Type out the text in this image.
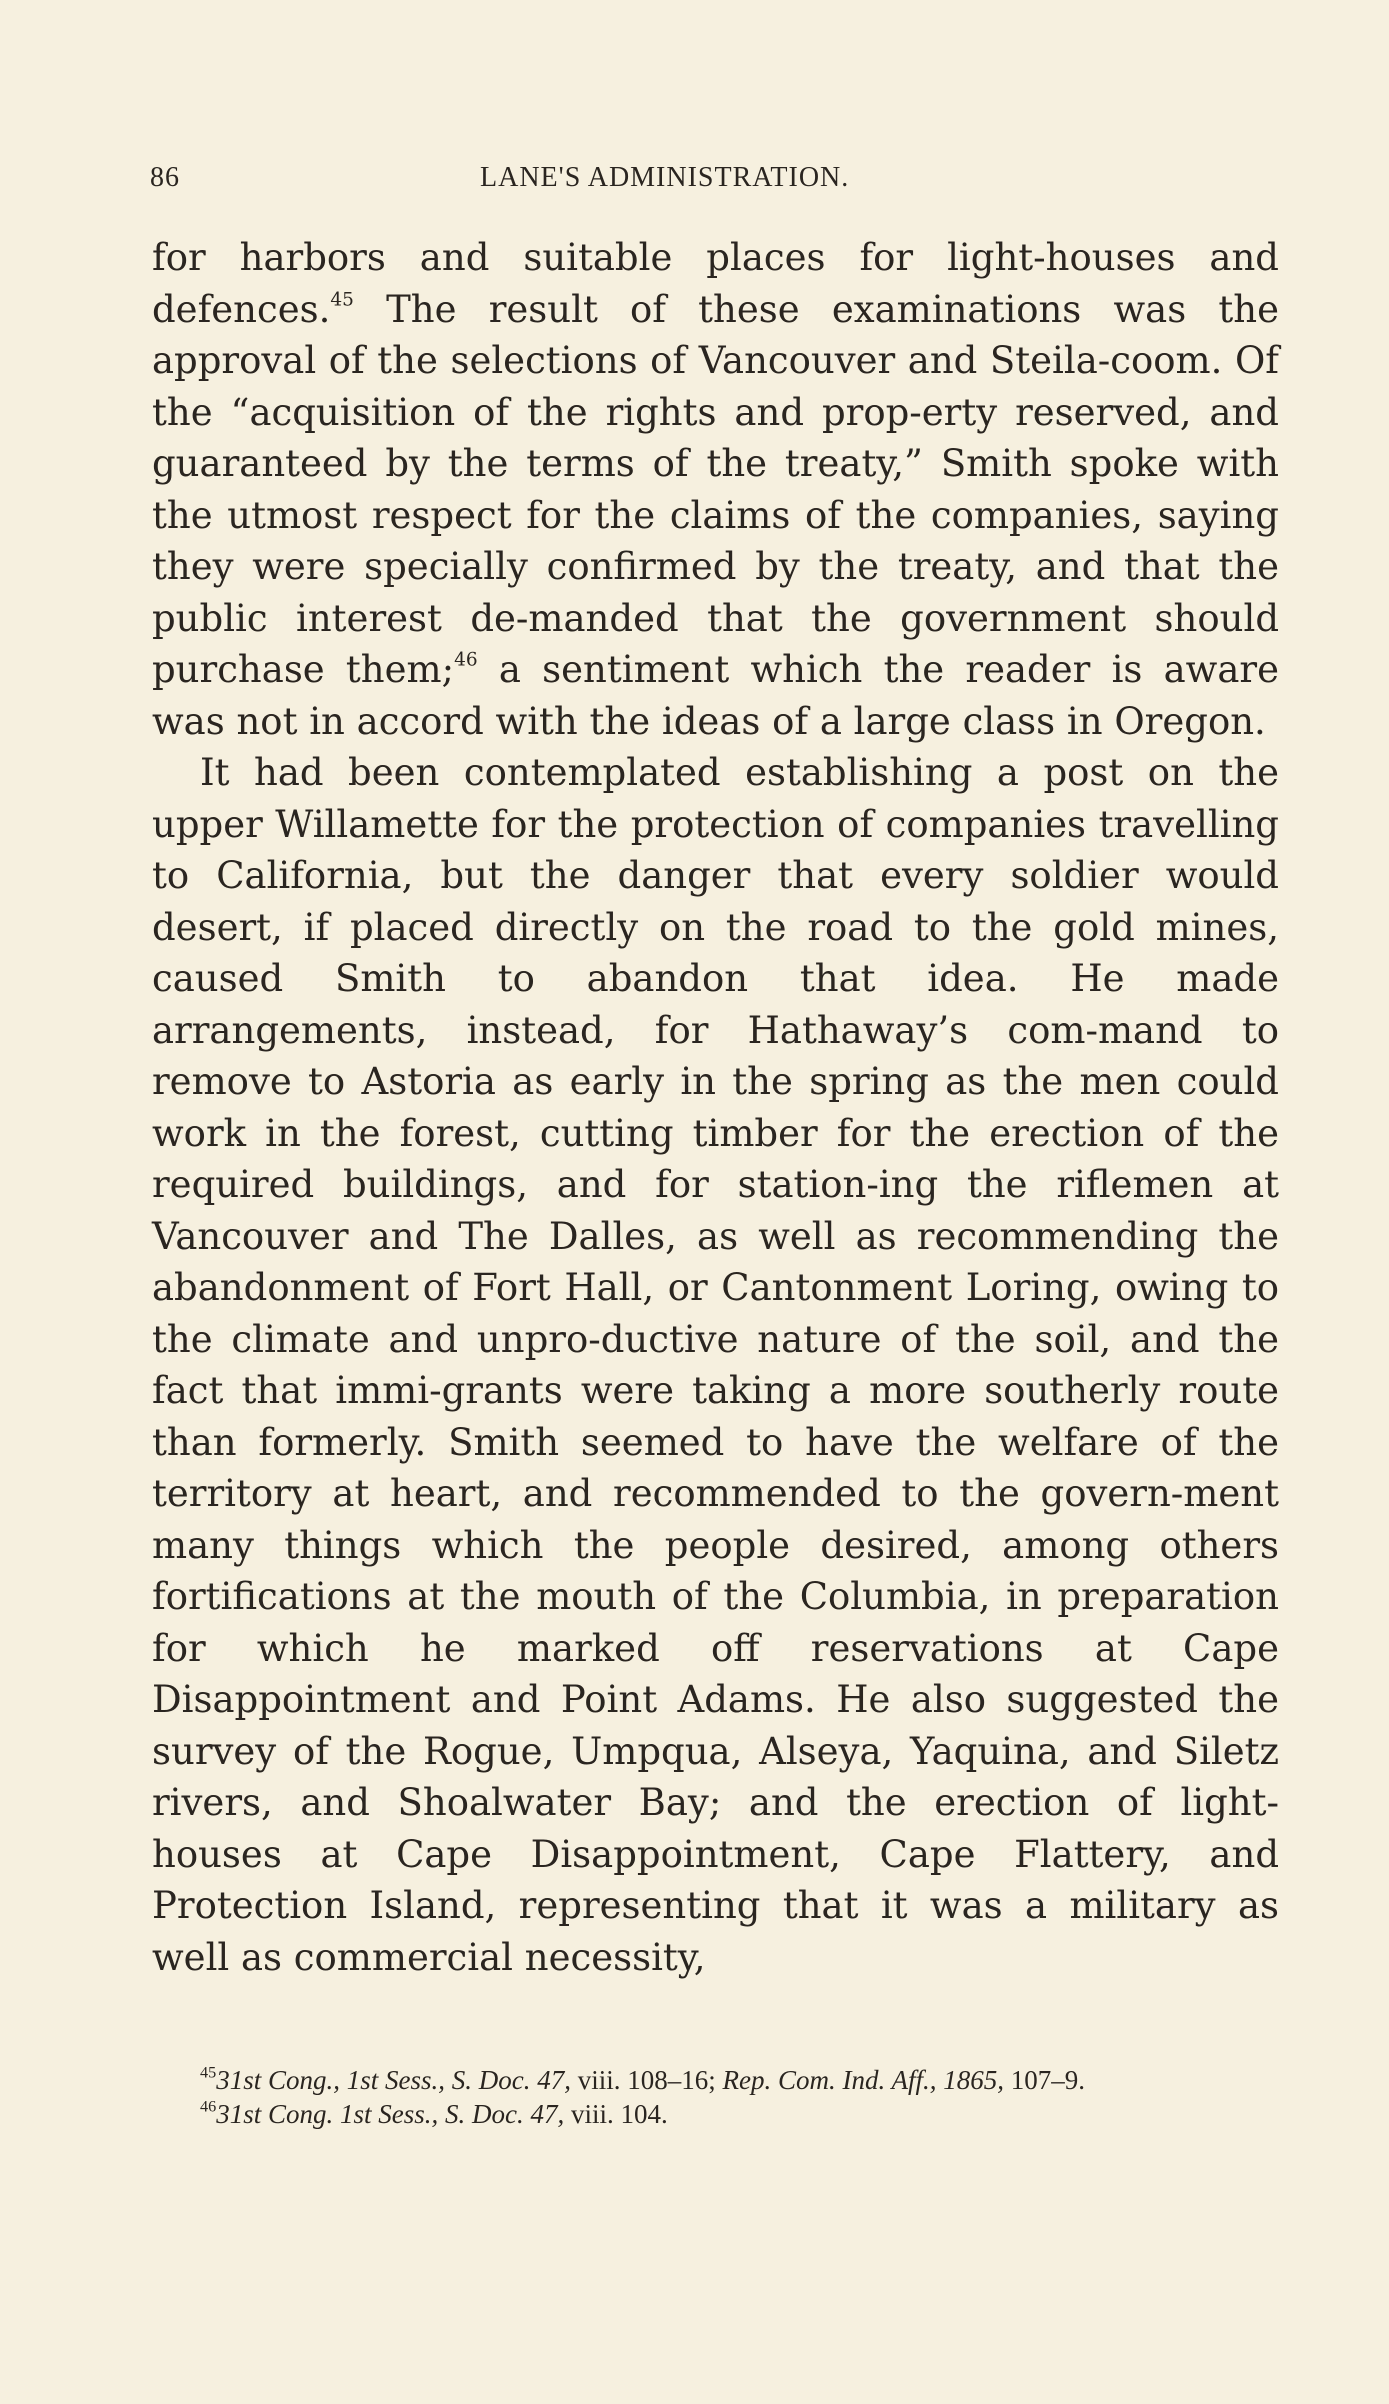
86	LANE'S ADMINISTRATION.

for harbors and suitable places for light-houses and defences.$^{45}$ The result of these examinations was the approval of the selections of Vancouver and Steila-coom. Of the “acquisition of the rights and prop-erty reserved, and guaranteed by the terms of the treaty,” Smith spoke with the utmost respect for the claims of the companies, saying they were specially confirmed by the treaty, and that the public interest de-manded that the government should purchase them;$^{46}$ a sentiment which the reader is aware was not in accord with the ideas of a large class in Oregon.

It had been contemplated establishing a post on the upper Willamette for the protection of companies travelling to California, but the danger that every soldier would desert, if placed directly on the road to the gold mines, caused Smith to abandon that idea. He made arrangements, instead, for Hathaway’s com-mand to remove to Astoria as early in the spring as the men could work in the forest, cutting timber for the erection of the required buildings, and for station-ing the riflemen at Vancouver and The Dalles, as well as recommending the abandonment of Fort Hall, or Cantonment Loring, owing to the climate and unpro-ductive nature of the soil, and the fact that immi-grants were taking a more southerly route than formerly. Smith seemed to have the welfare of the territory at heart, and recommended to the govern-ment many things which the people desired, among others fortifications at the mouth of the Columbia, in preparation for which he marked off reservations at Cape Disappointment and Point Adams. He also suggested the survey of the Rogue, Umpqua, Alseya, Yaquina, and Siletz rivers, and Shoalwater Bay; and the erection of light-houses at Cape Disappointment, Cape Flattery, and Protection Island, representing that it was a military as well as commercial necessity,

$^{45}$31st Cong., 1st Sess., S. Doc. 47, viii. 108–16; Rep. Com. Ind. Aff., 1865, 107–9.

$^{46}$31st Cong. 1st Sess., S. Doc. 47, viii. 104.
